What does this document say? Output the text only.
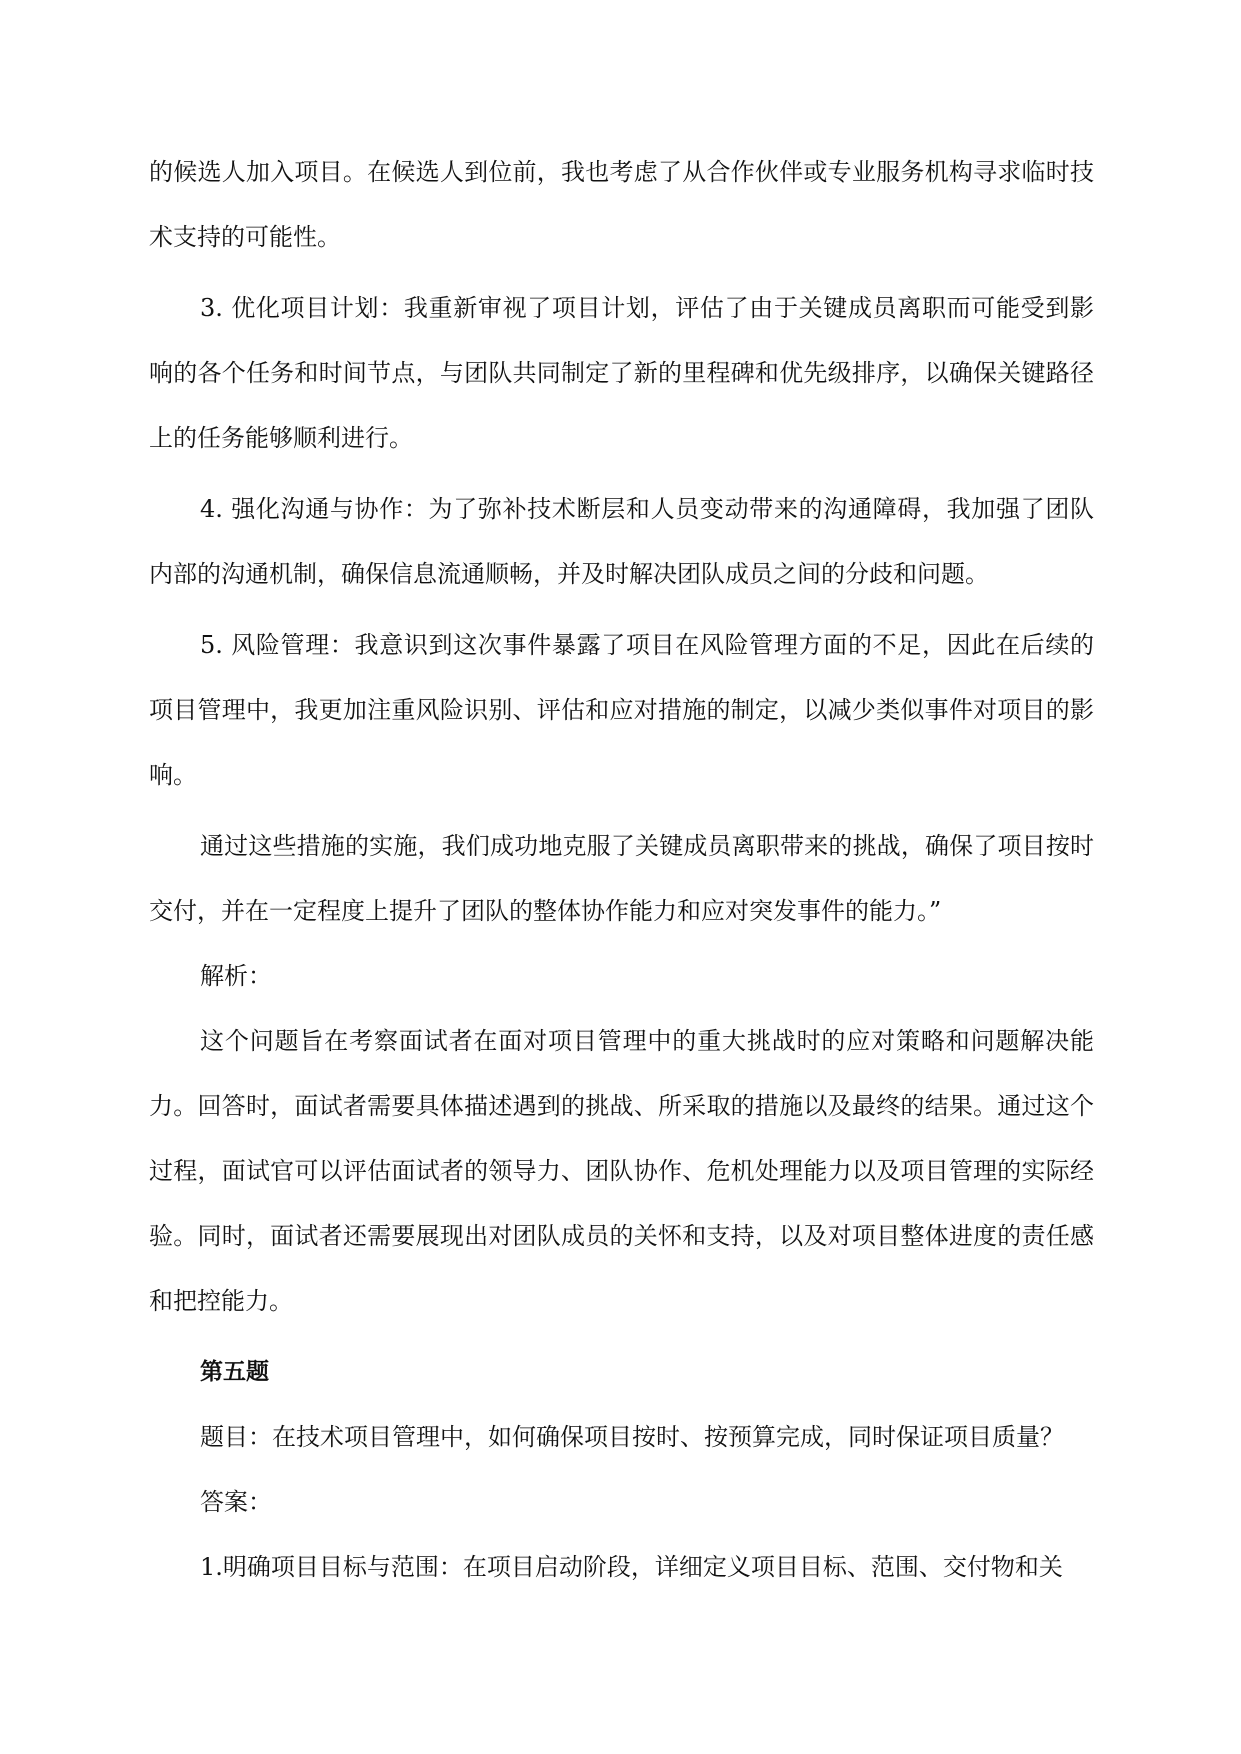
的候选人加入项目。在候选人到位前，我也考虑了从合作伙伴或专业服务机构寻求临时技术支持的可能性。

3. 优化项目计划：我重新审视了项目计划，评估了由于关键成员离职而可能受到影响的各个任务和时间节点，与团队共同制定了新的里程碑和优先级排序，以确保关键路径上的任务能够顺利进行。

4. 强化沟通与协作：为了弥补技术断层和人员变动带来的沟通障碍，我加强了团队内部的沟通机制，确保信息流通顺畅，并及时解决团队成员之间的分歧和问题。

5. 风险管理：我意识到这次事件暴露了项目在风险管理方面的不足，因此在后续的项目管理中，我更加注重风险识别、评估和应对措施的制定，以减少类似事件对项目的影响。

通过这些措施的实施，我们成功地克服了关键成员离职带来的挑战，确保了项目按时交付，并在一定程度上提升了团队的整体协作能力和应对突发事件的能力。”

解析：

这个问题旨在考察面试者在面对项目管理中的重大挑战时的应对策略和问题解决能力。回答时，面试者需要具体描述遇到的挑战、所采取的措施以及最终的结果。通过这个过程，面试官可以评估面试者的领导力、团队协作、危机处理能力以及项目管理的实际经验。同时，面试者还需要展现出对团队成员的关怀和支持，以及对项目整体进度的责任感和把控能力。

第五题

题目：在技术项目管理中，如何确保项目按时、按预算完成，同时保证项目质量？

答案：

1.明确项目目标与范围：在项目启动阶段，详细定义项目目标、范围、交付物和关
